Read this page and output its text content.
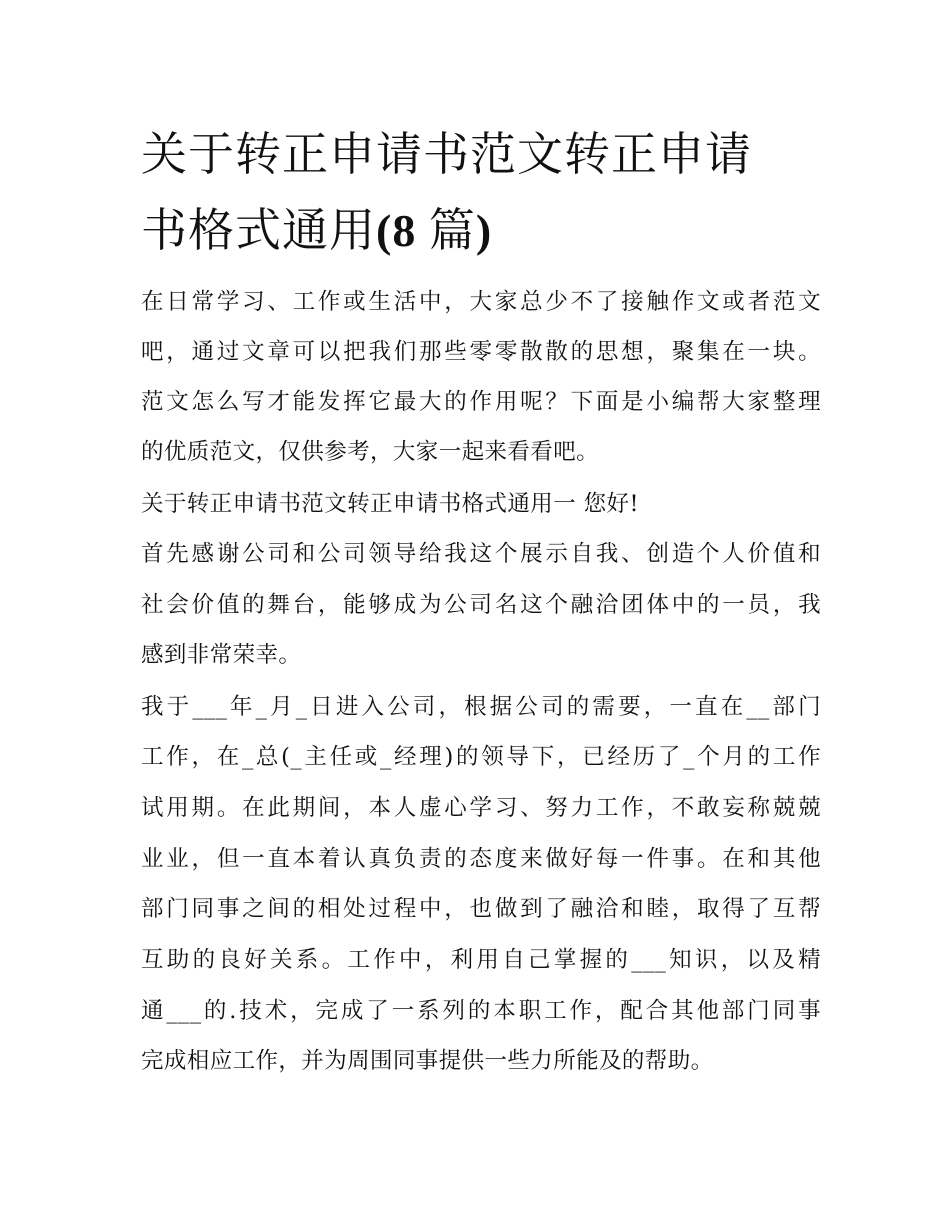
关于转正申请书范文转正申请
书格式通用(8 篇)

在日常学习、工作或生活中，大家总少不了接触作文或者范文

吧，通过文章可以把我们那些零零散散的思想，聚集在一块。

范文怎么写才能发挥它最大的作用呢？下面是小编帮大家整理

的优质范文，仅供参考，大家一起来看看吧。

关于转正申请书范文转正申请书格式通用一 您好!

首先感谢公司和公司领导给我这个展示自我、创造个人价值和

社会价值的舞台，能够成为公司名这个融洽团体中的一员，我

感到非常荣幸。

我于___年_月_日进入公司，根据公司的需要，一直在__部门

工作，在_总(_主任或_经理)的领导下，已经历了_个月的工作

试用期。在此期间，本人虚心学习、努力工作，不敢妄称兢兢

业业，但一直本着认真负责的态度来做好每一件事。在和其他

部门同事之间的相处过程中，也做到了融洽和睦，取得了互帮

互助的良好关系。工作中，利用自己掌握的___知识，以及精

通___的.技术，完成了一系列的本职工作，配合其他部门同事

完成相应工作，并为周围同事提供一些力所能及的帮助。
